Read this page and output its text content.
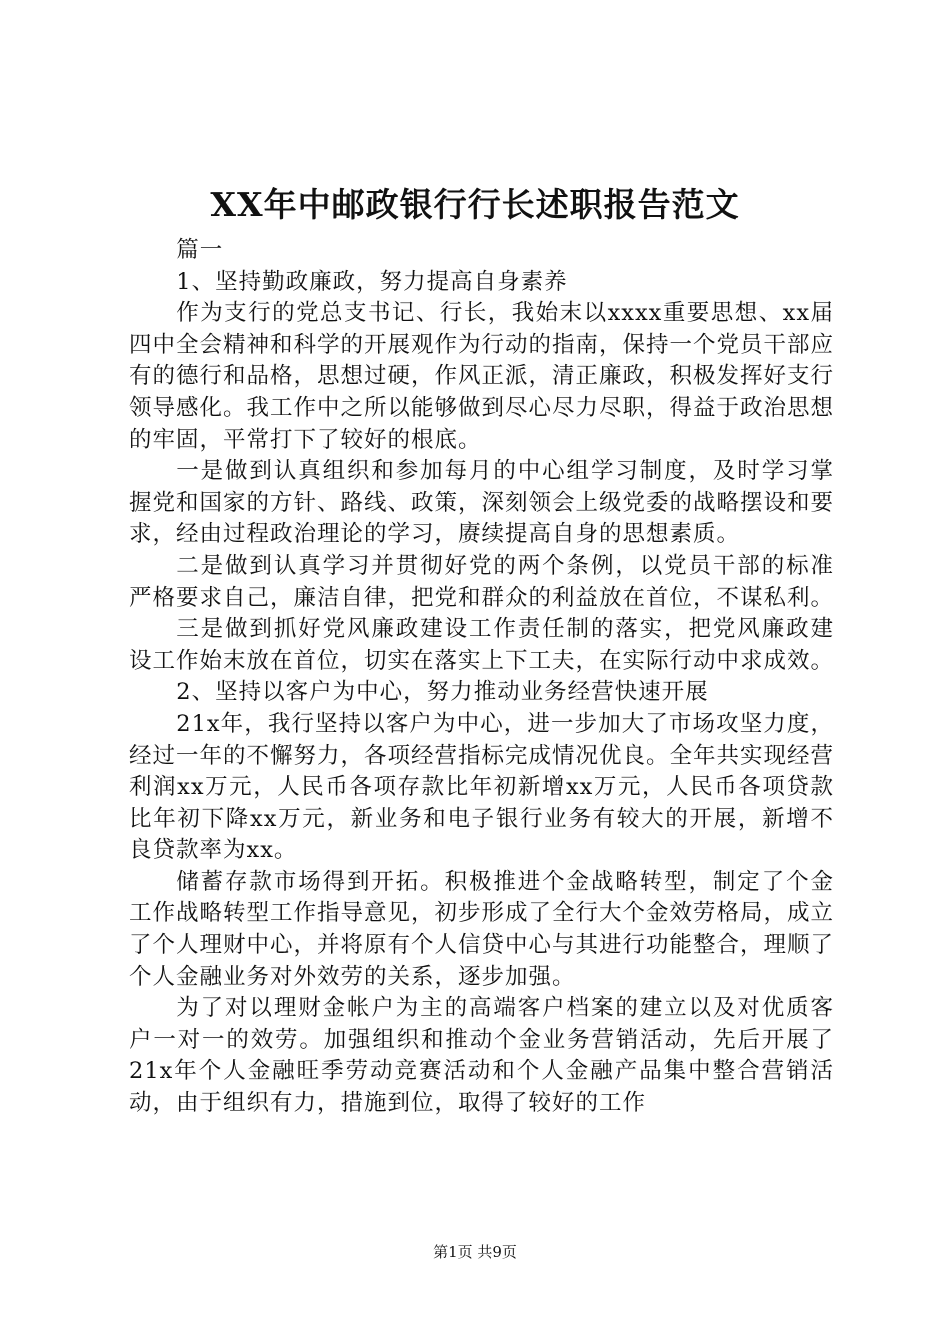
XX年中邮政银行行长述职报告范文

篇一

1、坚持勤政廉政，努力提高自身素养

作为支行的党总支书记、行长，我始末以xxxx重要思想、xx届四中全会精神和科学的开展观作为行动的指南，保持一个党员干部应有的德行和品格，思想过硬，作风正派，清正廉政，积极发挥好支行领导感化。我工作中之所以能够做到尽心尽力尽职，得益于政治思想的牢固，平常打下了较好的根底。

一是做到认真组织和参加每月的中心组学习制度，及时学习掌握党和国家的方针、路线、政策，深刻领会上级党委的战略摆设和要求，经由过程政治理论的学习，赓续提高自身的思想素质。

二是做到认真学习并贯彻好党的两个条例，以党员干部的标准严格要求自己，廉洁自律，把党和群众的利益放在首位，不谋私利。

三是做到抓好党风廉政建设工作责任制的落实，把党风廉政建设工作始末放在首位，切实在落实上下工夫，在实际行动中求成效。

2、坚持以客户为中心，努力推动业务经营快速开展

21x年，我行坚持以客户为中心，进一步加大了市场攻坚力度，经过一年的不懈努力，各项经营指标完成情况优良。全年共实现经营利润xx万元，人民币各项存款比年初新增xx万元，人民币各项贷款比年初下降xx万元，新业务和电子银行业务有较大的开展，新增不良贷款率为xx。

储蓄存款市场得到开拓。积极推进个金战略转型，制定了个金工作战略转型工作指导意见，初步形成了全行大个金效劳格局，成立了个人理财中心，并将原有个人信贷中心与其进行功能整合，理顺了个人金融业务对外效劳的关系，逐步加强。

为了对以理财金帐户为主的高端客户档案的建立以及对优质客户一对一的效劳。加强组织和推动个金业务营销活动，先后开展了21x年个人金融旺季劳动竞赛活动和个人金融产品集中整合营销活动，由于组织有力，措施到位，取得了较好的工作

第1页 共9页
